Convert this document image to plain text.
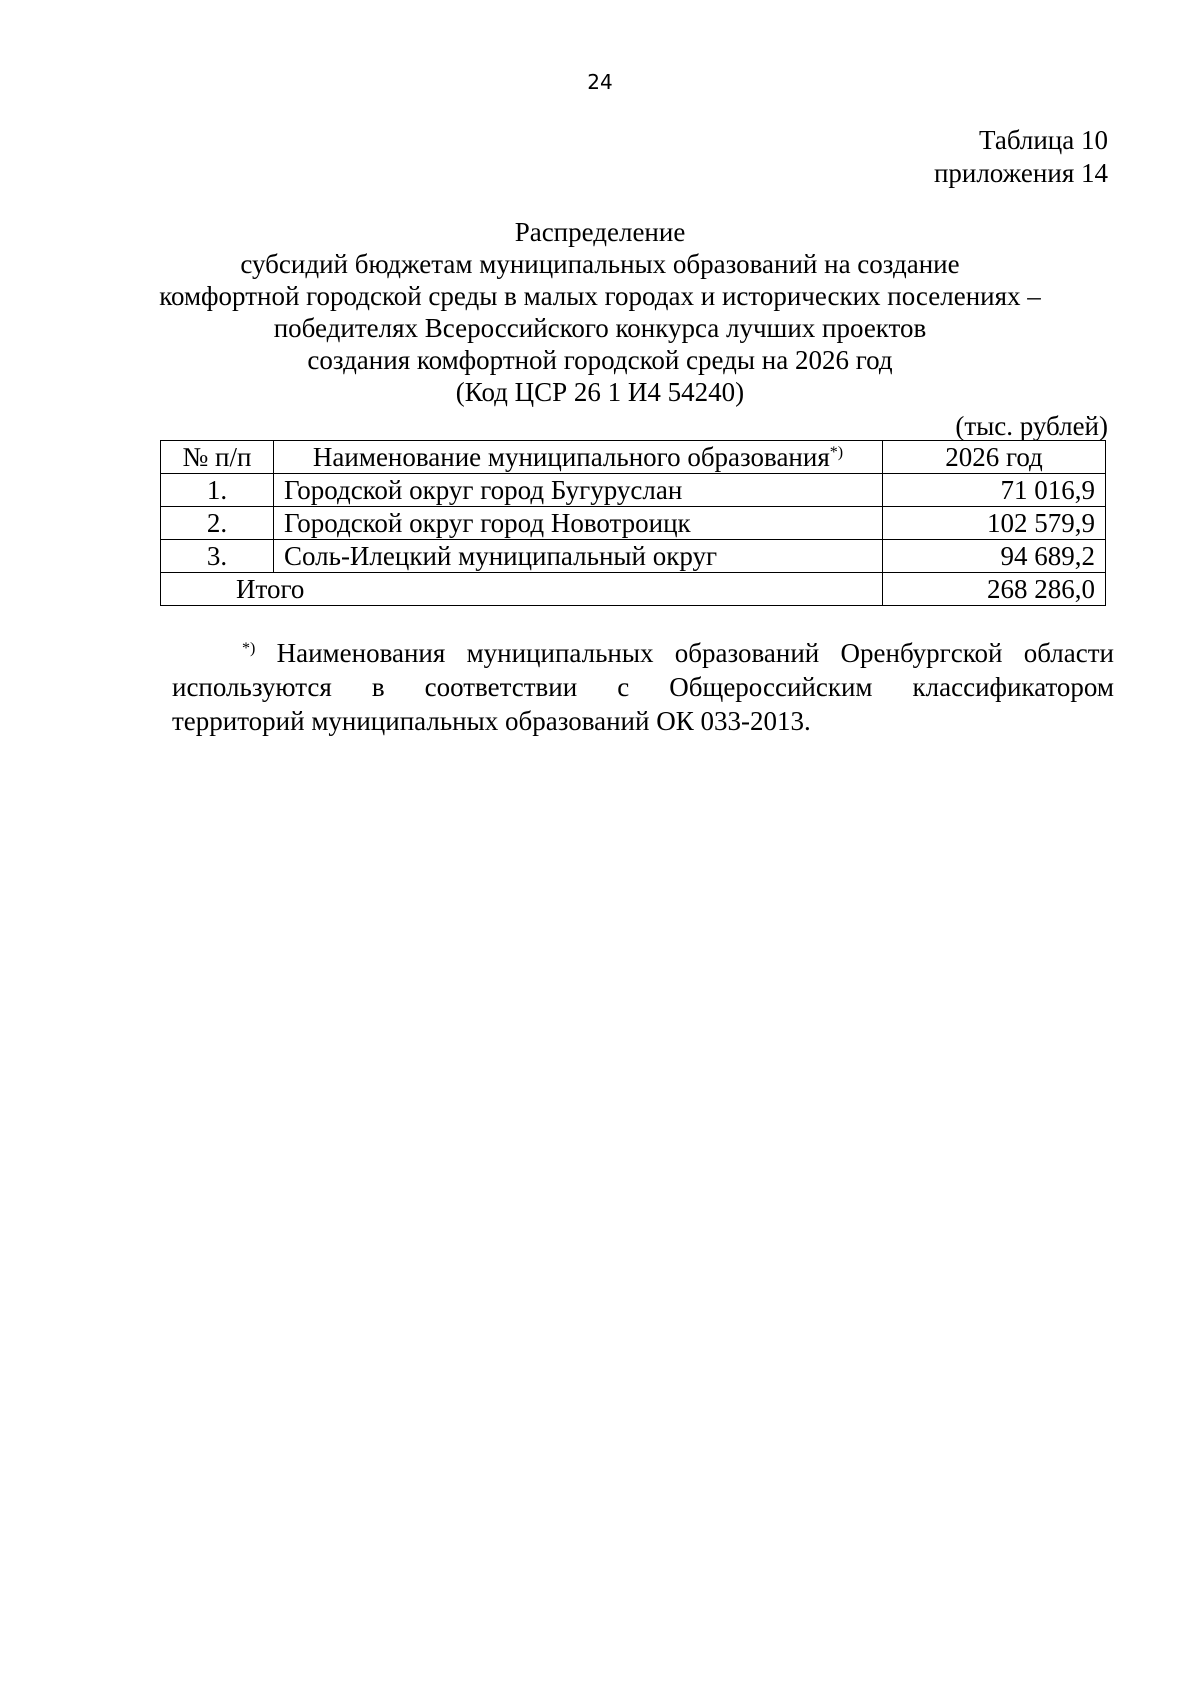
24
Таблица 10
приложения 14
Распределение
субсидий бюджетам муниципальных образований на создание
комфортной городской среды в малых городах и исторических поселениях –
победителях Всероссийского конкурса лучших проектов
создания комфортной городской среды на 2026 год
(Код ЦСР 26 1 И4 54240)
(тыс. рублей)
№ п/п	Наименование муниципального образования*)	2026 год
1.	Городской округ город Бугуруслан	71 016,9
2.	Городской округ город Новотроицк	102 579,9
3.	Соль-Илецкий муниципальный округ	94 689,2
Итого		268 286,0
*) Наименования муниципальных образований Оренбургской области
используются в соответствии с Общероссийским классификатором
территорий муниципальных образований ОК 033-2013.
